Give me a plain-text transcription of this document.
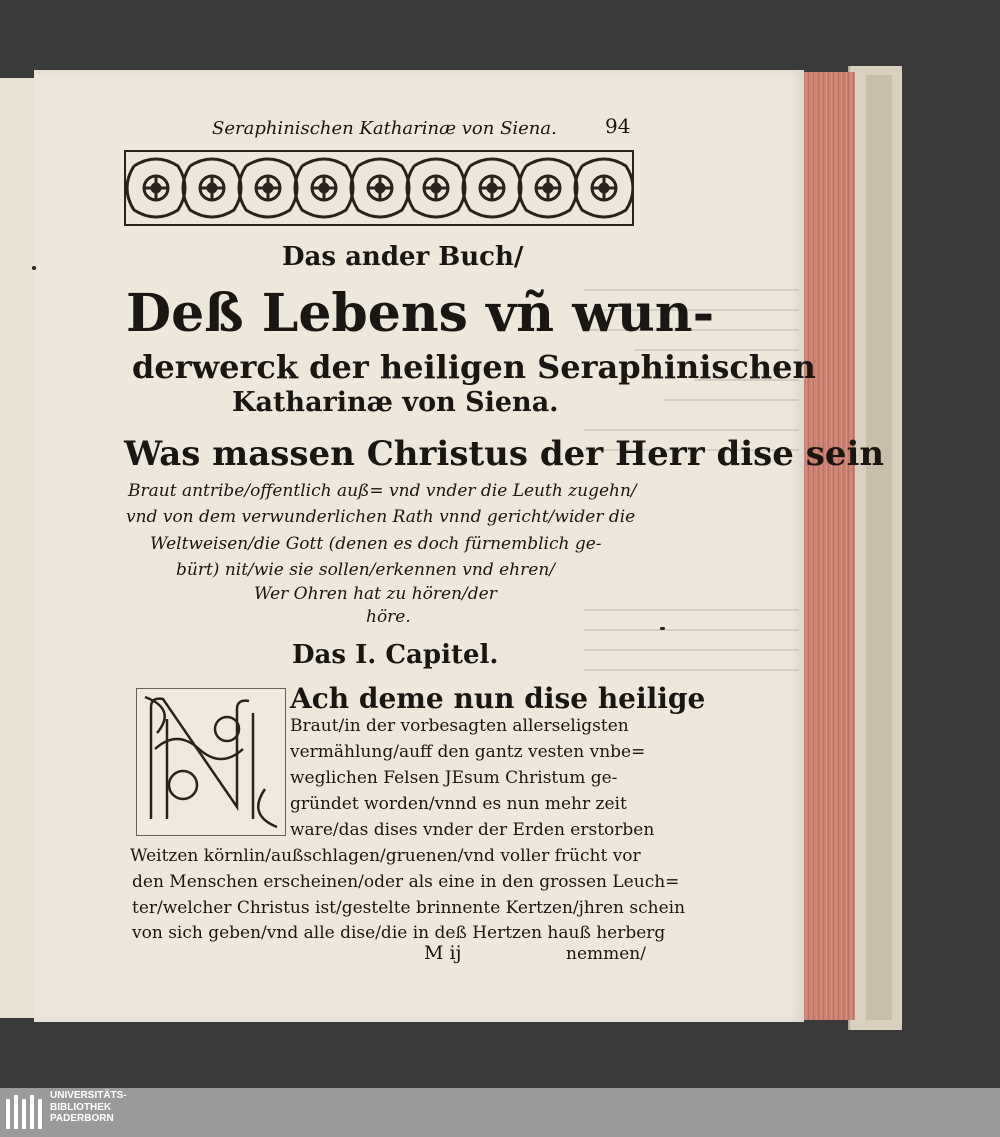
Seraphinischen Katharinæ von Siena. 94
Das ander Buch/
Deß Lebens vñ wun-
derwerck der heiligen Seraphinischen
Katharinæ von Siena.
Was massen Christus der Herr dise sein
Braut antribe/offentlich auß= vnd vnder die Leuth zugehn/
vnd von dem verwunderlichen Rath vnnd gericht/wider die
Weltweisen/die Gott (denen es doch fürnemblich ge-
bürt) nit/wie sie sollen/erkennen vnd ehren/
Wer Ohren hat zu hören/der
höre.
Das I. Capitel.
Ach deme nun dise heilige
Braut/in der vorbesagten allerseligsten
vermählung/auff den gantz vesten vnbe=
weglichen Felsen JEsum Christum ge-
gründet worden/vnnd es nun mehr zeit
ware/das dises vnder der Erden erstorben
Weitzen körnlin/außschlagen/gruenen/vnd voller frücht vor
den Menschen erscheinen/oder als eine in den grossen Leuch=
ter/welcher Christus ist/gestelte brinnente Kertzen/jhren schein
von sich geben/vnd alle dise/die in deß Hertzen hauß herberg
M ij	nemmen/
UNIVERSITÄTS-
BIBLIOTHEK
PADERBORN
